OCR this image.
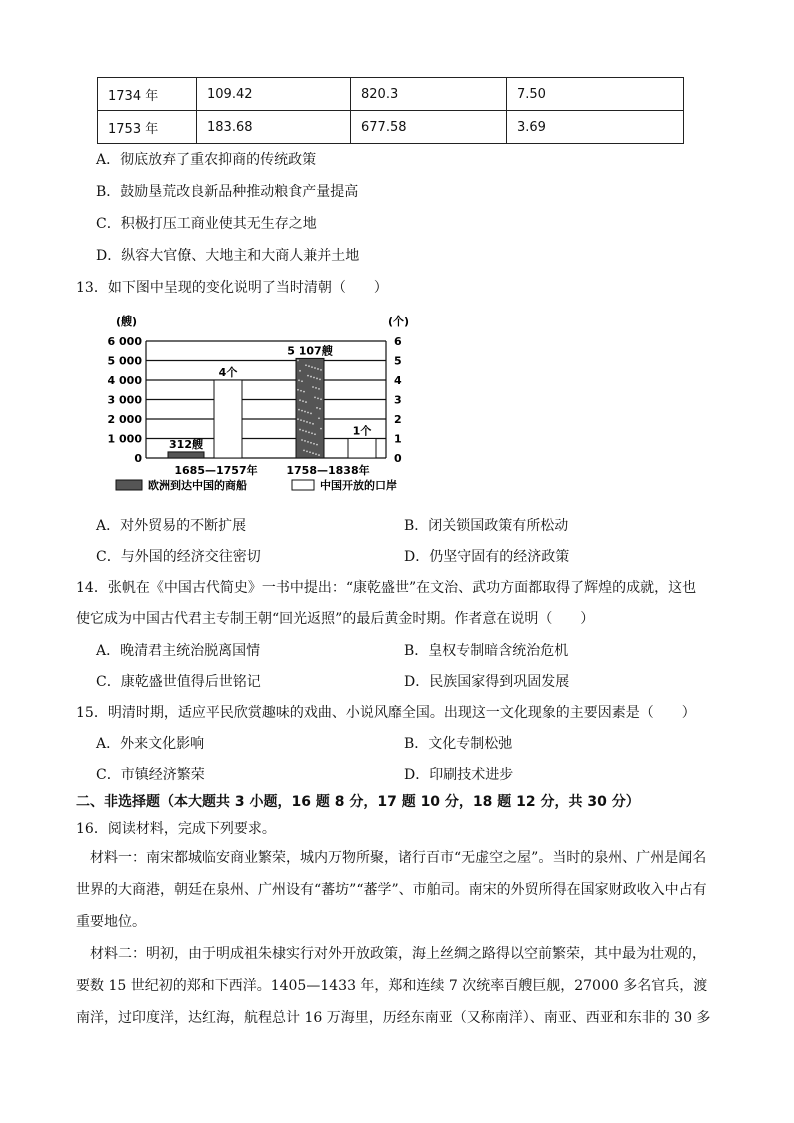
1734 年	109.42	820.3	7.50
1753 年	183.68	677.58	3.69
A．彻底放弃了重农抑商的传统政策
B．鼓励垦荒改良新品种推动粮食产量提高
C．积极打压工商业使其无生存之地
D．纵容大官僚、大地主和大商人兼并土地
13．如下图中呈现的变化说明了当时清朝（　　）
(艘)	(个)
6 000	6
5 000	5
4 000	4
3 000	3
2 000	2
1 000	1
0	0
312艘
4个
1685—1757年
5 107艘
1个
1758—1838年
欧洲到达中国的商船	中国开放的口岸
A．对外贸易的不断扩展	B．闭关锁国政策有所松动
C．与外国的经济交往密切	D．仍坚守固有的经济政策
14．张帆在《中国古代简史》一书中提出：“康乾盛世”在文治、武功方面都取得了辉煌的成就，这也
使它成为中国古代君主专制王朝“回光返照”的最后黄金时期。作者意在说明（　　）
A．晚清君主统治脱离国情	B．皇权专制暗含统治危机
C．康乾盛世值得后世铭记	D．民族国家得到巩固发展
15．明清时期，适应平民欣赏趣味的戏曲、小说风靡全国。出现这一文化现象的主要因素是（　　）
A．外来文化影响	B．文化专制松弛
C．市镇经济繁荣	D．印刷技术进步
二、非选择题（本大题共 3 小题，16 题 8 分，17 题 10 分，18 题 12 分，共 30 分）
16．阅读材料，完成下列要求。
材料一：南宋都城临安商业繁荣，城内万物所聚，诸行百市“无虚空之屋”。当时的泉州、广州是闻名世界的大商港，朝廷在泉州、广州设有“蕃坊”“蕃学”、市舶司。南宋的外贸所得在国家财政收入中占有重要地位。
材料二：明初，由于明成祖朱棣实行对外开放政策，海上丝绸之路得以空前繁荣，其中最为壮观的，要数 15 世纪初的郑和下西洋。1405—1433 年，郑和连续 7 次统率百艘巨舰，27000 多名官兵，渡南洋，过印度洋，达红海，航程总计 16 万海里，历经东南亚（又称南洋）、南亚、西亚和东非的 30 多
